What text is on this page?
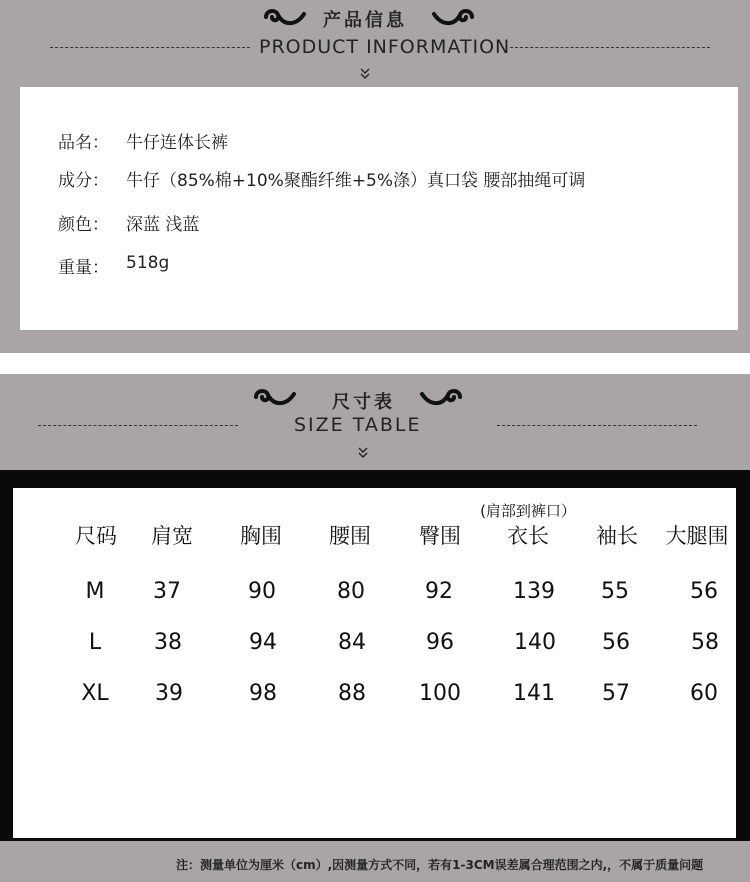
产品信息
PRODUCT INFORMATION
品名： 牛仔连体长裤
成分： 牛仔（85%棉+10%聚酯纤维+5%涤）真口袋 腰部抽绳可调
颜色： 深蓝 浅蓝
重量： 518g
尺寸表
SIZE TABLE
(肩部到裤口）
尺码 肩宽 胸围 腰围 臀围 衣长 袖长 大腿围
M 37	90	80	92	139 55	56
L 38	94	84	96	140 56	58
XL 39	98	88 100 141 57	60
注：测量单位为厘米（cm）,因测量方式不同，若有1-3CM误差属合理范围之内,，不属于质量问题
